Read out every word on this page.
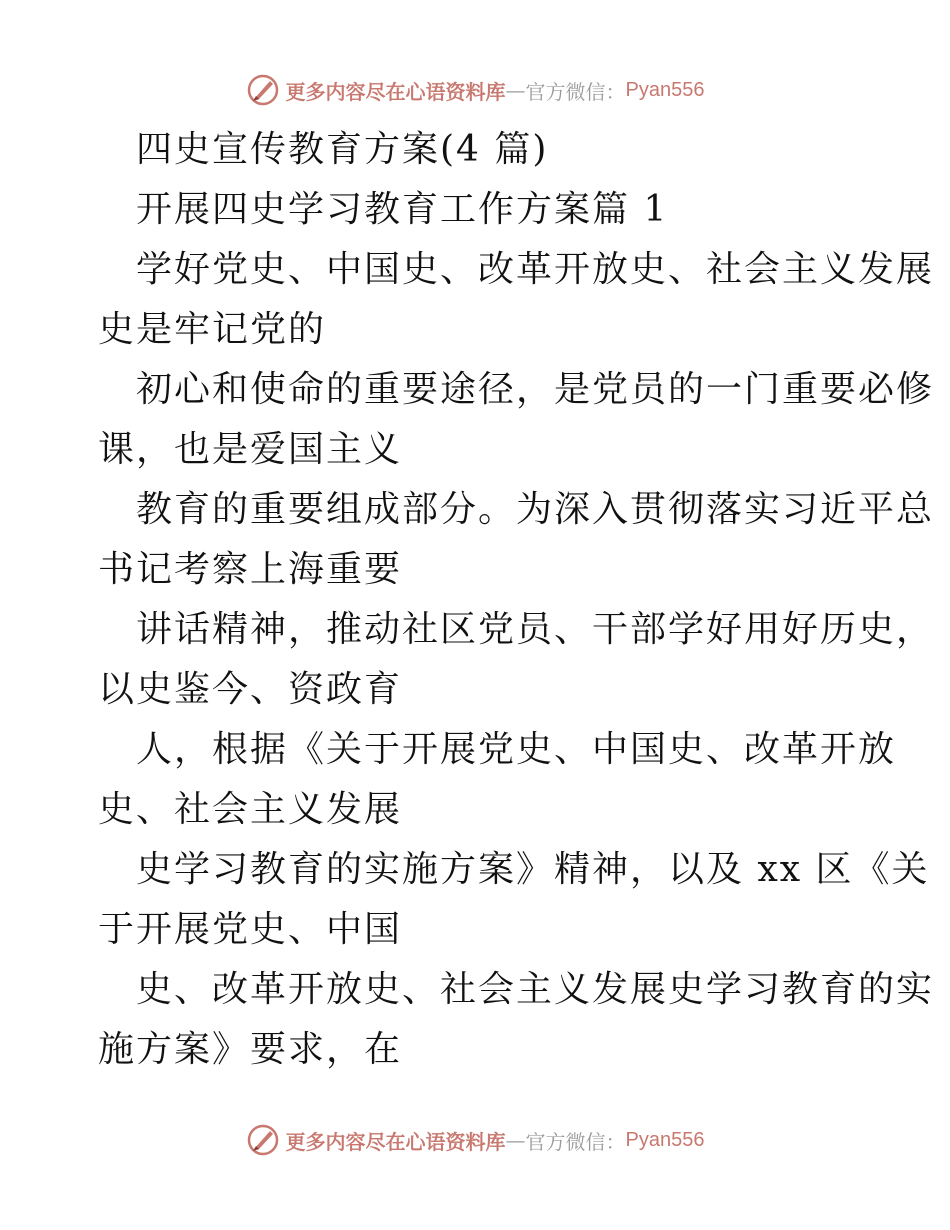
更多内容尽在心语资料库 — 官方微信： Pyan556
四史宣传教育方案(4 篇)
开展四史学习教育工作方案篇 1
学好党史、中国史、改革开放史、社会主义发展
史是牢记党的
初心和使命的重要途径，是党员的一门重要必修
课，也是爱国主义
教育的重要组成部分。为深入贯彻落实习近平总
书记考察上海重要
讲话精神，推动社区党员、干部学好用好历史，
以史鉴今、资政育
人，根据《关于开展党史、中国史、改革开放
史、社会主义发展
史学习教育的实施方案》精神，以及 xx 区《关
于开展党史、中国
史、改革开放史、社会主义发展史学习教育的实
施方案》要求，在
更多内容尽在心语资料库 — 官方微信： Pyan556
